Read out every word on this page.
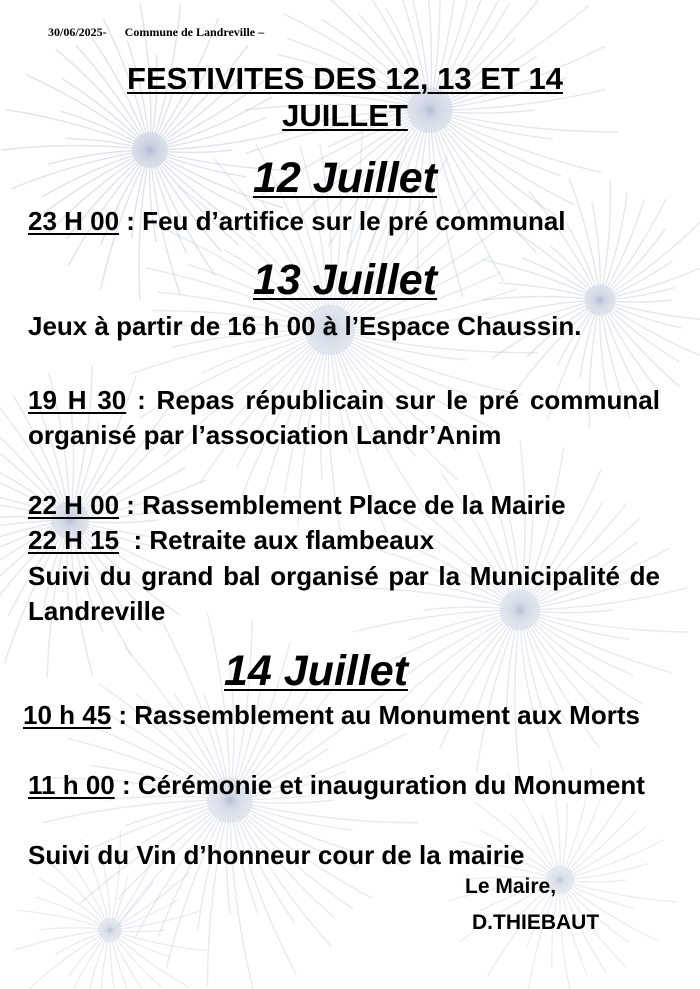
30/06/2025- Commune de Landreville –
FESTIVITES DES 12, 13 ET 14
JUILLET
12 Juillet
23 H 00 : Feu d’artifice sur le pré communal
13 Juillet
Jeux à partir de 16 h 00 à l’Espace Chaussin.
19 H 30 : Repas républicain sur le pré communal organisé par l’association Landr’Anim
22 H 00 : Rassemblement Place de la Mairie
22 H 15  : Retraite aux flambeaux
Suivi du grand bal organisé par la Municipalité de Landreville
14 Juillet
10 h 45 : Rassemblement au Monument aux Morts
11 h 00 : Cérémonie et inauguration du Monument
Suivi du Vin d’honneur cour de la mairie
Le Maire,
D.THIEBAUT
